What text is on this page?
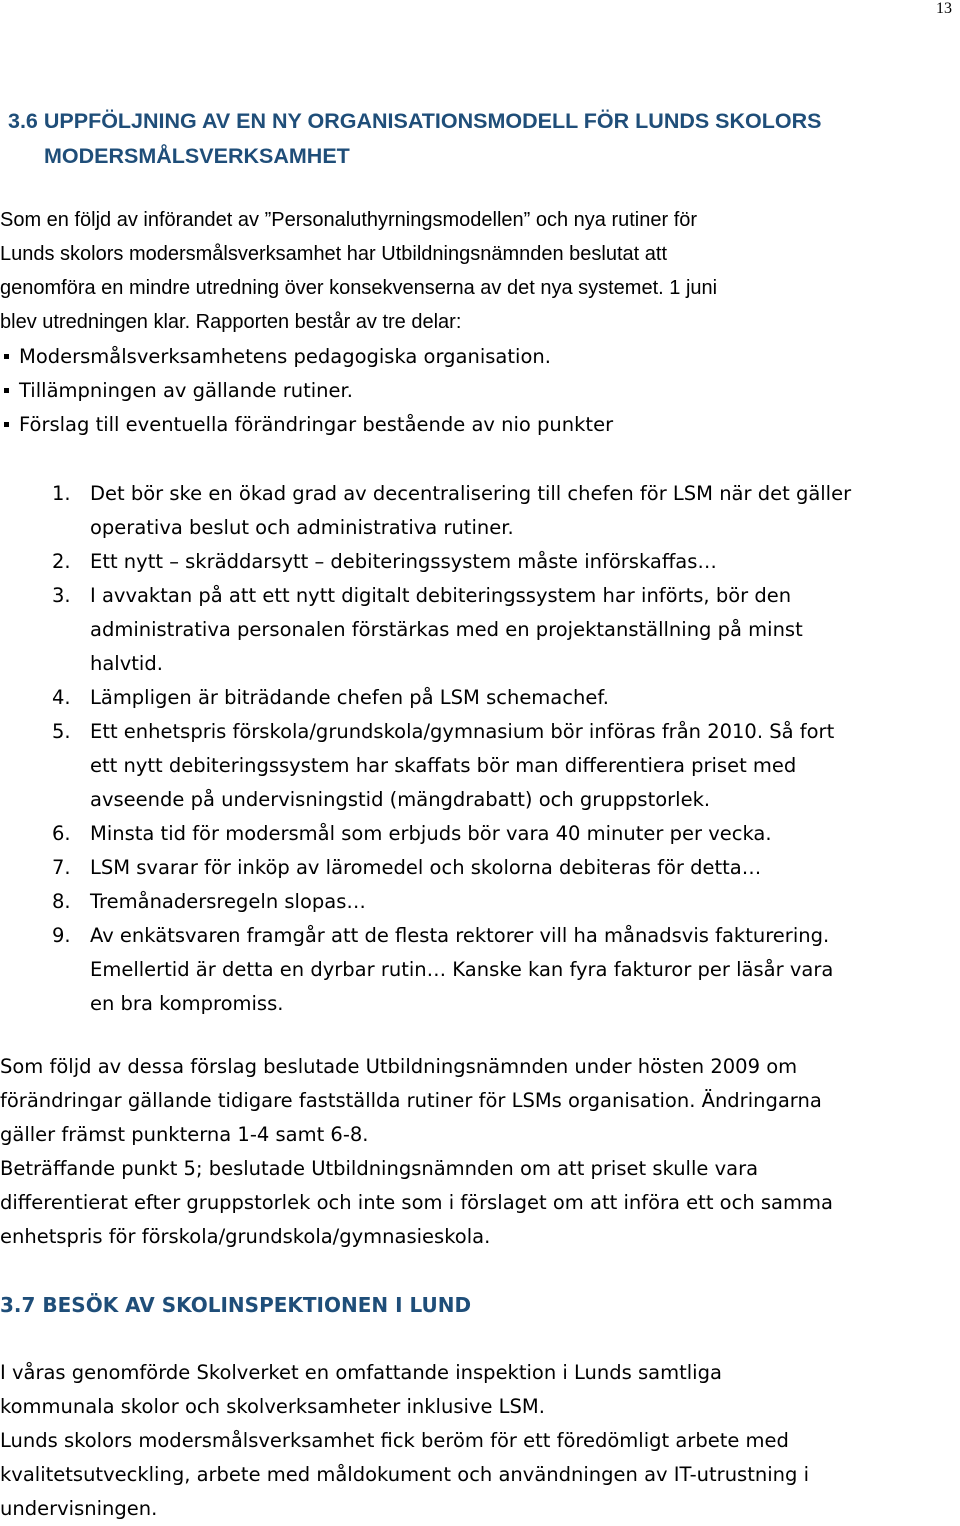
13
3.6 UPPFÖLJNING AV EN NY ORGANISATIONSMODELL FÖR LUNDS SKOLORS
MODERSMÅLSVERKSAMHET
Som en följd av införandet av ”Personaluthyrningsmodellen” och nya rutiner för
Lunds skolors modersmålsverksamhet har Utbildningsnämnden beslutat att
genomföra en mindre utredning över konsekvenserna av det nya systemet. 1 juni
blev utredningen klar. Rapporten består av tre delar:
Modersmålsverksamhetens pedagogiska organisation.
Tillämpningen av gällande rutiner.
Förslag till eventuella förändringar bestående av nio punkter
1. Det bör ske en ökad grad av decentralisering till chefen för LSM när det gäller
operativa beslut och administrativa rutiner.
2. Ett nytt – skräddarsytt – debiteringssystem måste införskaffas…
3. I avvaktan på att ett nytt digitalt debiteringssystem har införts, bör den
administrativa personalen förstärkas med en projektanställning på minst
halvtid.
4. Lämpligen är biträdande chefen på LSM schemachef.
5. Ett enhetspris förskola/grundskola/gymnasium bör införas från 2010. Så fort
ett nytt debiteringssystem har skaffats bör man differentiera priset med
avseende på undervisningstid (mängdrabatt) och gruppstorlek.
6. Minsta tid för modersmål som erbjuds bör vara 40 minuter per vecka.
7. LSM svarar för inköp av läromedel och skolorna debiteras för detta…
8. Tremånadersregeln slopas…
9. Av enkätsvaren framgår att de flesta rektorer vill ha månadsvis fakturering.
Emellertid är detta en dyrbar rutin… Kanske kan fyra fakturor per läsår vara
en bra kompromiss.
Som följd av dessa förslag beslutade Utbildningsnämnden under hösten 2009 om
förändringar gällande tidigare fastställda rutiner för LSMs organisation. Ändringarna
gäller främst punkterna 1-4 samt 6-8.
Beträffande punkt 5; beslutade Utbildningsnämnden om att priset skulle vara
differentierat efter gruppstorlek och inte som i förslaget om att införa ett och samma
enhetspris för förskola/grundskola/gymnasieskola.
3.7 BESÖK AV SKOLINSPEKTIONEN I LUND
I våras genomförde Skolverket en omfattande inspektion i Lunds samtliga
kommunala skolor och skolverksamheter inklusive LSM.
Lunds skolors modersmålsverksamhet fick beröm för ett föredömligt arbete med
kvalitetsutveckling, arbete med måldokument och användningen av IT-utrustning i
undervisningen.
